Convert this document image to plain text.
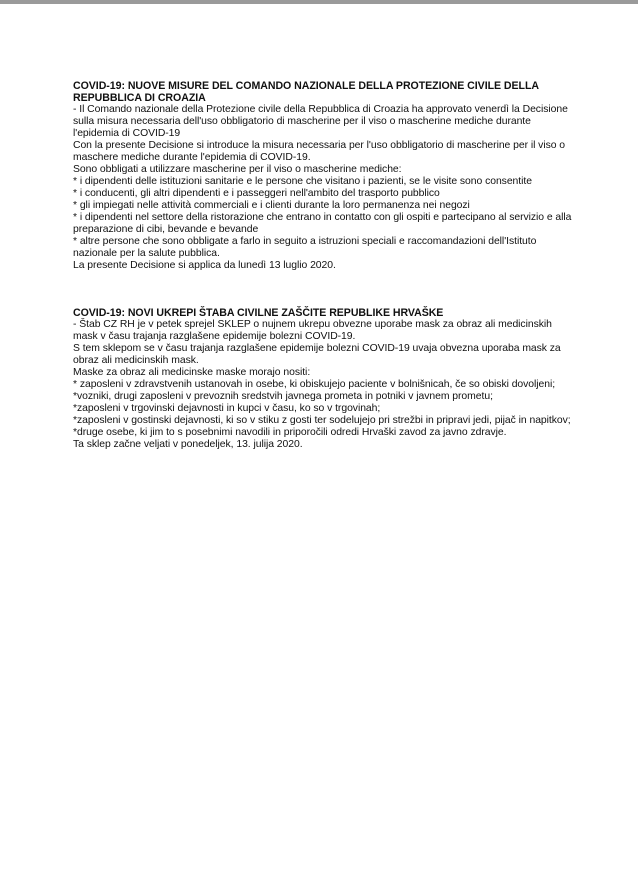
COVID-19: NUOVE MISURE DEL COMANDO NAZIONALE DELLA PROTEZIONE CIVILE DELLA REPUBBLICA DI CROAZIA
- Il Comando nazionale della Protezione civile della Repubblica di Croazia ha approvato venerdì la Decisione sulla misura necessaria dell'uso obbligatorio di mascherine per il viso o mascherine mediche durante l'epidemia di COVID-19
Con la presente Decisione si introduce la misura necessaria per l'uso obbligatorio di mascherine per il viso o maschere mediche durante l'epidemia di COVID-19.
Sono obbligati a utilizzare mascherine per il viso o mascherine mediche:
* i dipendenti delle istituzioni sanitarie e le persone che visitano i pazienti, se le visite sono consentite
* i conducenti, gli altri dipendenti e i passeggeri nell'ambito del trasporto pubblico
* gli impiegati nelle attività commerciali e i clienti durante la loro permanenza nei negozi
* i dipendenti nel settore della ristorazione che entrano in contatto con gli ospiti e partecipano al servizio e alla preparazione di cibi, bevande e bevande
* altre persone che sono obbligate a farlo in seguito a istruzioni speciali e raccomandazioni dell'Istituto nazionale per la salute pubblica.
La presente Decisione si applica da lunedì 13 luglio 2020.
COVID-19: NOVI UKREPI ŠTABA CIVILNE ZAŠČITE REPUBLIKE HRVAŠKE
- Štab CZ RH je v petek sprejel SKLEP o nujnem ukrepu obvezne uporabe mask za obraz ali medicinskih mask v času trajanja razglašene epidemije bolezni COVID-19.
S tem sklepom se v času trajanja razglašene epidemije bolezni COVID-19 uvaja obvezna uporaba mask za obraz ali medicinskih mask.
Maske za obraz ali medicinske maske morajo nositi:
* zaposleni v zdravstvenih ustanovah in osebe, ki obiskujejo paciente v bolnišnicah, če so obiski dovoljeni;
*vozniki, drugi zaposleni v prevoznih sredstvih javnega prometa in potniki v javnem prometu;
*zaposleni v trgovinski dejavnosti in kupci v času, ko so v trgovinah;
*zaposleni v gostinski dejavnosti, ki so v stiku z gosti ter sodelujejo pri strežbi in pripravi jedi, pijač in napitkov;
*druge osebe, ki jim to s posebnimi navodili in priporočili odredi Hrvaški zavod za javno zdravje.
Ta sklep začne veljati v ponedeljek, 13. julija 2020.
